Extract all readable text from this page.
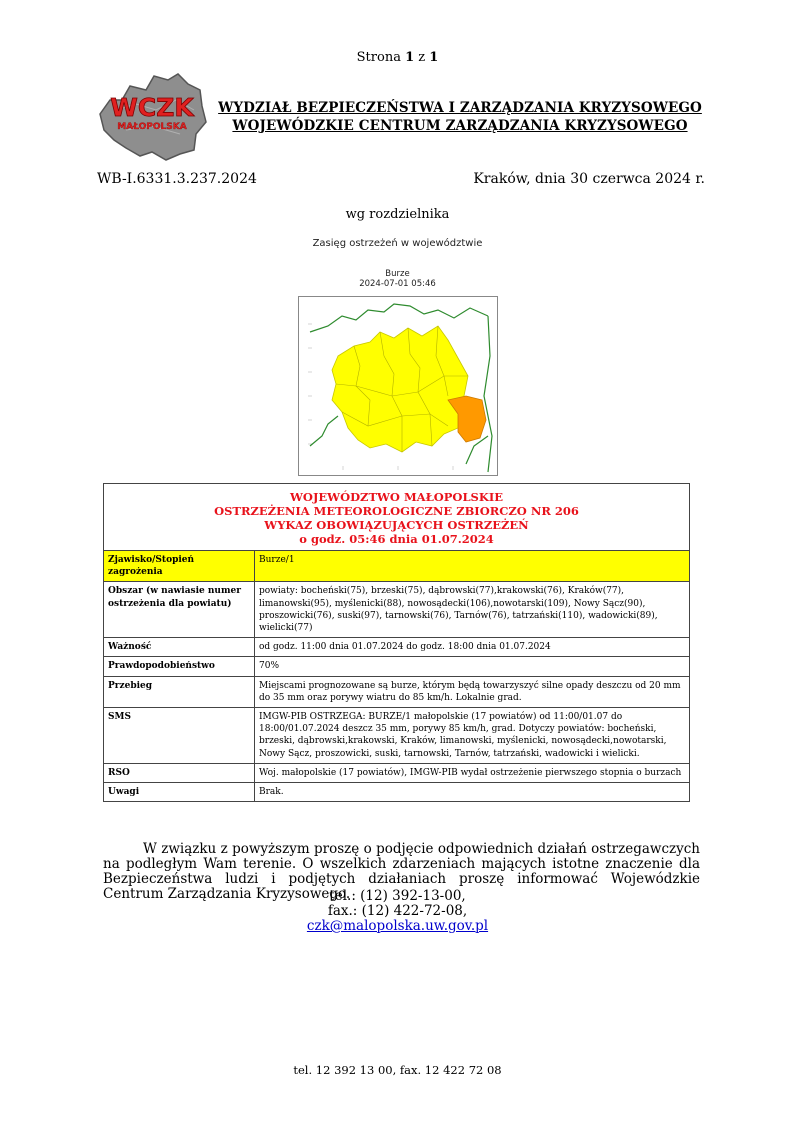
Strona 1 z 1
WCZK
MAŁOPOLSKA
WYDZIAŁ BEZPIECZEŃSTWA I ZARZĄDZANIA KRYZYSOWEGO
WOJEWÓDZKIE CENTRUM ZARZĄDZANIA KRYZYSOWEGO
WB-I.6331.3.237.2024	Kraków, dnia 30 czerwca 2024 r.
wg rozdzielnika
Zasięg ostrzeżeń w województwie
Burze
2024-07-01 05:46
WOJEWÓDZTWO MAŁOPOLSKIE
OSTRZEŻENIA METEOROLOGICZNE ZBIORCZO NR 206
WYKAZ OBOWIĄZUJĄCYCH OSTRZEŻEŃ
o godz. 05:46 dnia 01.07.2024	

Zjawisko/Stopień zagrożenia	Burze/1
Obszar (w nawiasie numer ostrzeżenia dla powiatu)	powiaty: bocheński(75), brzeski(75), dąbrowski(77),krakowski(76), Kraków(77), limanowski(95), myślenicki(88), nowosądecki(106),nowotarski(109), Nowy Sącz(90), proszowicki(76), suski(97), tarnowski(76), Tarnów(76), tatrzański(110), wadowicki(89), wielicki(77)
Ważność	od godz. 11:00 dnia 01.07.2024 do godz. 18:00 dnia 01.07.2024
Prawdopodobieństwo	70%
Przebieg	Miejscami prognozowane są burze, którym będą towarzyszyć silne opady deszczu od 20 mm do 35 mm oraz porywy wiatru do 85 km/h. Lokalnie grad.
SMS	IMGW-PIB OSTRZEGA: BURZE/1 małopolskie (17 powiatów) od 11:00/01.07 do 18:00/01.07.2024 deszcz 35 mm, porywy 85 km/h, grad. Dotyczy powiatów: bocheński, brzeski, dąbrowski,krakowski, Kraków, limanowski, myślenicki, nowosądecki,nowotarski, Nowy Sącz, proszowicki, suski, tarnowski, Tarnów, tatrzański, wadowicki i wielicki.
RSO	Woj. małopolskie (17 powiatów), IMGW-PIB wydał ostrzeżenie pierwszego stopnia o burzach
Uwagi	Brak.
W związku z powyższym proszę o podjęcie odpowiednich działań ostrzegawczych na podległym Wam terenie. O wszelkich zdarzeniach mających istotne znaczenie dla Bezpieczeństwa ludzi i podjętych działaniach proszę informować Wojewódzkie Centrum Zarządzania Kryzysowego.
tel.: (12) 392-13-00,
fax.: (12) 422-72-08,
czk@malopolska.uw.gov.pl
tel. 12 392 13 00, fax. 12 422 72 08
